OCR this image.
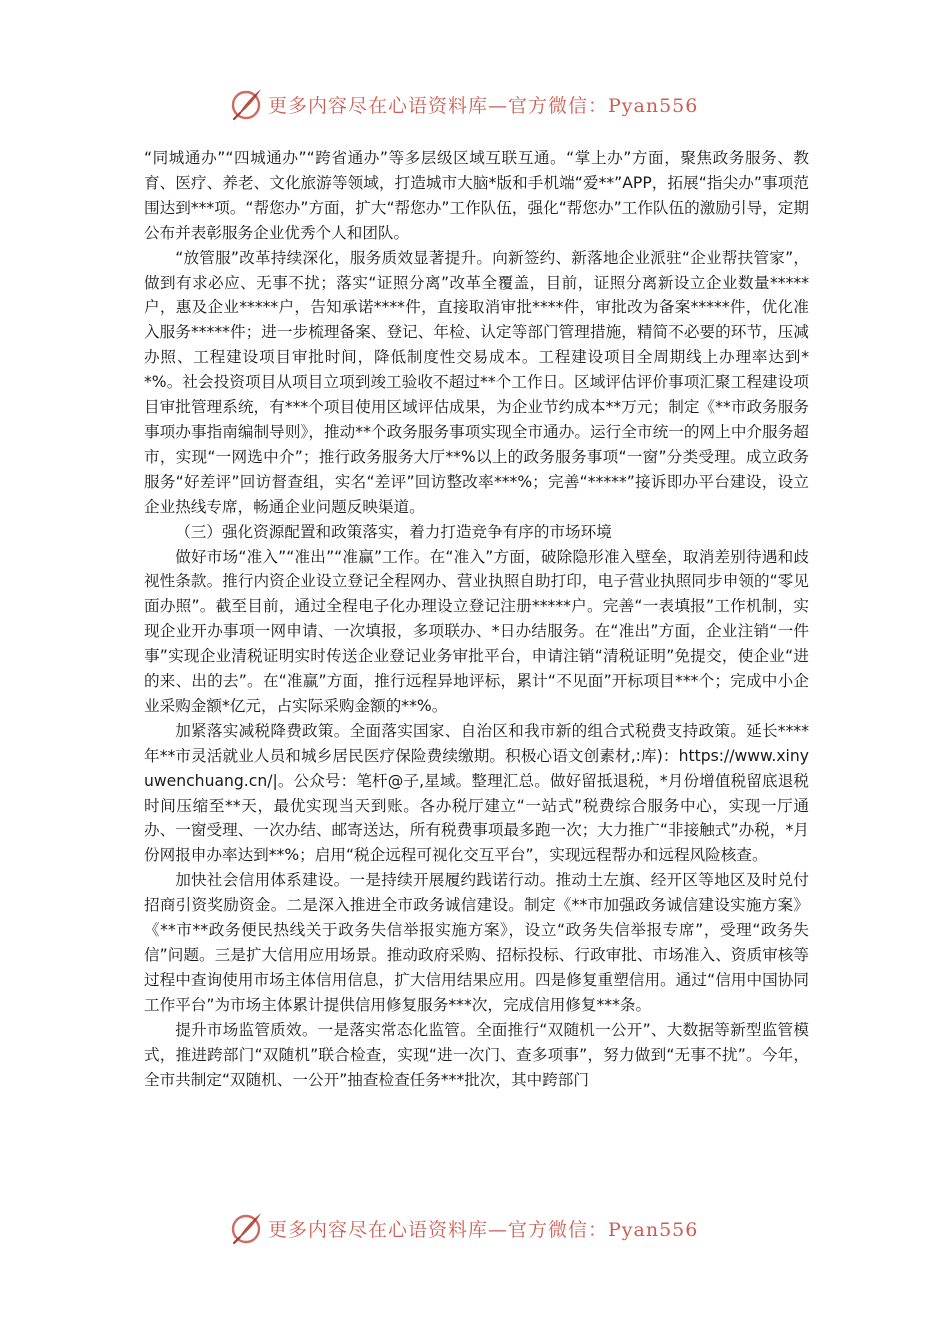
更多内容尽在心语资料库—官方微信：Pyan556

“同城通办”“四城通办”“跨省通办”等多层级区域互联互通。“掌上办”方面，聚焦政务服务、教育、医疗、养老、文化旅游等领域，打造城市大脑*版和手机端“爱**”APP，拓展“指尖办”事项范围达到***项。“帮您办”方面，扩大“帮您办”工作队伍，强化“帮您办”工作队伍的激励引导，定期公布并表彰服务企业优秀个人和团队。

“放管服”改革持续深化，服务质效显著提升。向新签约、新落地企业派驻“企业帮扶管家”，做到有求必应、无事不扰；落实“证照分离”改革全覆盖，目前，证照分离新设立企业数量*****户，惠及企业*****户，告知承诺****件，直接取消审批****件，审批改为备案*****件，优化准入服务*****件；进一步梳理备案、登记、年检、认定等部门管理措施，精简不必要的环节，压减办照、工程建设项目审批时间，降低制度性交易成本。工程建设项目全周期线上办理率达到**%。社会投资项目从项目立项到竣工验收不超过**个工作日。区域评估评价事项汇聚工程建设项目审批管理系统，有***个项目使用区域评估成果，为企业节约成本**万元；制定《**市政务服务事项办事指南编制导则》，推动**个政务服务事项实现全市通办。运行全市统一的网上中介服务超市，实现“一网选中介”；推行政务服务大厅**%以上的政务服务事项“一窗”分类受理。成立政务服务“好差评”回访督查组，实名“差评”回访整改率***%；完善“*****”接诉即办平台建设，设立企业热线专席，畅通企业问题反映渠道。

（三）强化资源配置和政策落实，着力打造竞争有序的市场环境

做好市场“准入”“准出”“准赢”工作。在“准入”方面，破除隐形准入壁垒，取消差别待遇和歧视性条款。推行内资企业设立登记全程网办、营业执照自助打印，电子营业执照同步申领的“零见面办照”。截至目前，通过全程电子化办理设立登记注册*****户。完善“一表填报”工作机制，实现企业开办事项一网申请、一次填报，多项联办、*日办结服务。在“准出”方面，企业注销“一件事”实现企业清税证明实时传送企业登记业务审批平台，申请注销“清税证明”免提交，使企业“进的来、出的去”。在“准赢”方面，推行远程异地评标，累计“不见面”开标项目***个；完成中小企业采购金额*亿元，占实际采购金额的**%。

加紧落实减税降费政策。全面落实国家、自治区和我市新的组合式税费支持政策。延长****年**市灵活就业人员和城乡居民医疗保险费续缴期。积极心语文创素材,:库)：https://www.xinyuwenchuang.cn/|。公众号：笔杆@子,星域。整理汇总。做好留抵退税，*月份增值税留底退税时间压缩至**天，最优实现当天到账。各办税厅建立“一站式”税费综合服务中心，实现一厅通办、一窗受理、一次办结、邮寄送达，所有税费事项最多跑一次；大力推广“非接触式”办税，*月份网报申办率达到**%；启用“税企远程可视化交互平台”，实现远程帮办和远程风险核查。

加快社会信用体系建设。一是持续开展履约践诺行动。推动土左旗、经开区等地区及时兑付招商引资奖励资金。二是深入推进全市政务诚信建设。制定《**市加强政务诚信建设实施方案》《**市**政务便民热线关于政务失信举报实施方案》，设立“政务失信举报专席”，受理“政务失信”问题。三是扩大信用应用场景。推动政府采购、招标投标、行政审批、市场准入、资质审核等过程中查询使用市场主体信用信息，扩大信用结果应用。四是修复重塑信用。通过“信用中国协同工作平台”为市场主体累计提供信用修复服务***次，完成信用修复***条。

提升市场监管质效。一是落实常态化监管。全面推行“双随机一公开”、大数据等新型监管模式，推进跨部门“双随机”联合检查，实现“进一次门、查多项事”，努力做到“无事不扰”。今年，全市共制定“双随机、一公开”抽查检查任务***批次，其中跨部门

更多内容尽在心语资料库—官方微信：Pyan556
